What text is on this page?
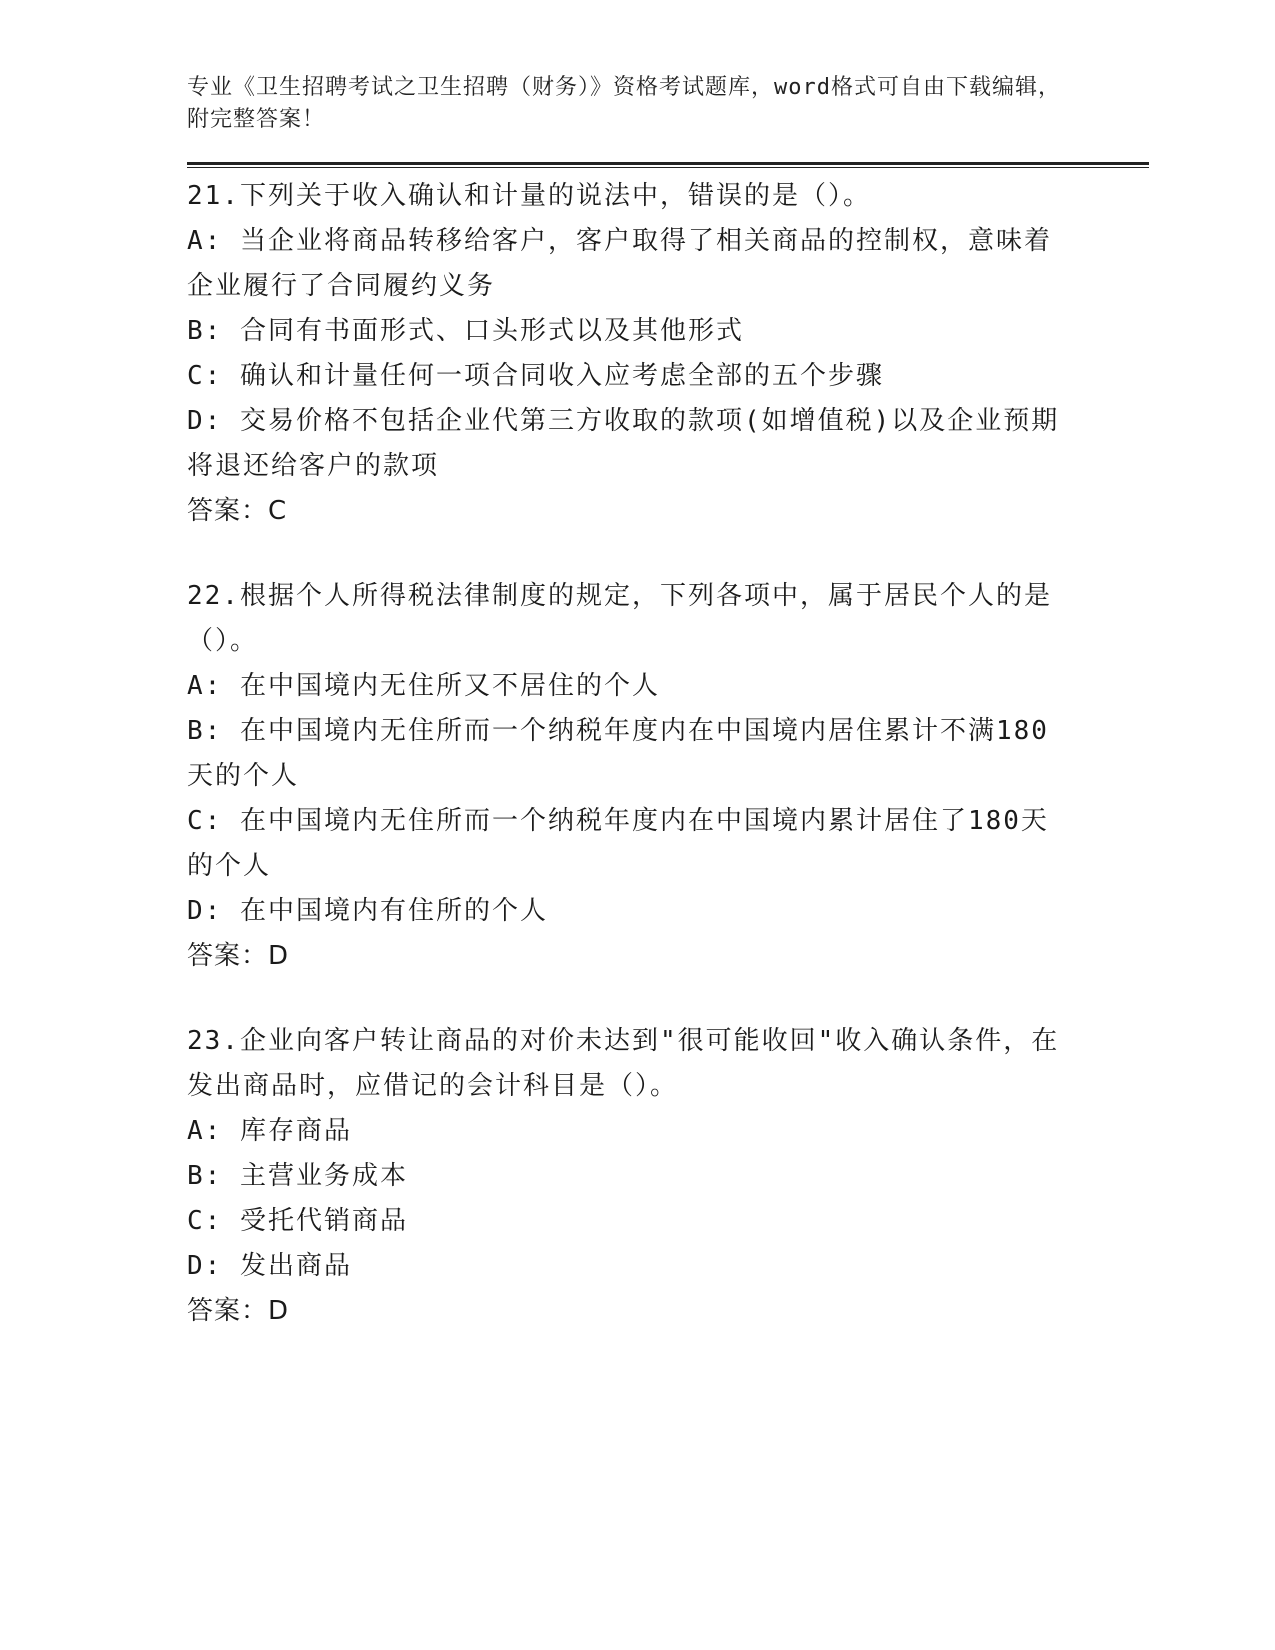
专业《卫生招聘考试之卫生招聘（财务）》资格考试题库，word格式可自由下载编辑，附完整答案！
21.下列关于收入确认和计量的说法中，错误的是（）。
A: 当企业将商品转移给客户，客户取得了相关商品的控制权，意味着企业履行了合同履约义务
B: 合同有书面形式、口头形式以及其他形式
C: 确认和计量任何一项合同收入应考虑全部的五个步骤
D: 交易价格不包括企业代第三方收取的款项(如增值税)以及企业预期将退还给客户的款项
答案：C
22.根据个人所得税法律制度的规定，下列各项中，属于居民个人的是（）。
A: 在中国境内无住所又不居住的个人
B: 在中国境内无住所而一个纳税年度内在中国境内居住累计不满180天的个人
C: 在中国境内无住所而一个纳税年度内在中国境内累计居住了180天的个人
D: 在中国境内有住所的个人
答案：D
23.企业向客户转让商品的对价未达到"很可能收回"收入确认条件，在发出商品时，应借记的会计科目是（）。
A: 库存商品
B: 主营业务成本
C: 受托代销商品
D: 发出商品
答案：D
